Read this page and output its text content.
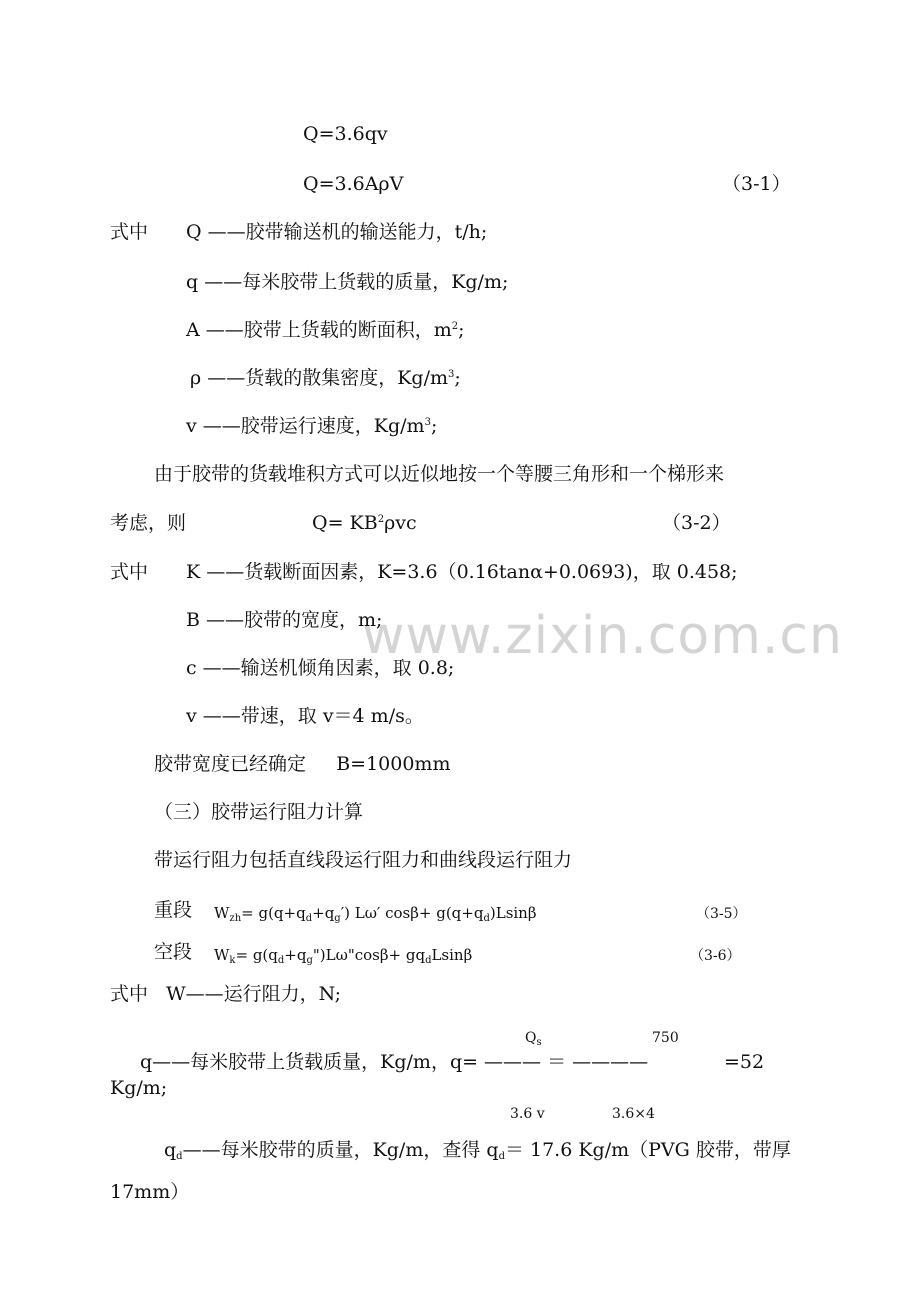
www.zixin.com.cn
Q=3.6qv
Q=3.6AρV	（3-1）
式中 Q ——胶带输送机的输送能力，t/h;
q ——每米胶带上货载的质量，Kg/m;
A ——胶带上货载的断面积，$m^2$;
ρ ——货载的散集密度，$Kg/m^3$;
v ——胶带运行速度，$Kg/m^3$;
由于胶带的货载堆积方式可以近似地按一个等腰三角形和一个梯形来
考虑，则	$Q= KB^2\rho vc$	（3-2）
式中 K ——货载断面因素，K=3.6（0.16tanα+0.0693)，取 0.458;
B ——胶带的宽度，m;
c ——输送机倾角因素，取 0.8;
v ——带速，取 v＝4 m/s。
胶带宽度已经确定     B=1000mm
（三）胶带运行阻力计算
带运行阻力包括直线段运行阻力和曲线段运行阻力
重段 $W_{zh}= g(q+q_d+q_g')$ Lω′ $\cos\beta+ g(q+q_d)Lsin\beta$	（3-5）
空段 $W_k=$ $g(q_d+q_g")L\omega"\cos\beta+ gq_dLsin\beta$	（3-6）
式中   W——运行阻力，N;
$Q_s$	750
q——每米胶带上货载质量，Kg/m，q= ——— ＝ ————	=52
Kg/m;
3.6 v	3.6×4
$q_d——$每米胶带的质量，Kg/m，查得 $q_d= 17.6$ Kg/m（PVG 胶带，带厚
17mm）
